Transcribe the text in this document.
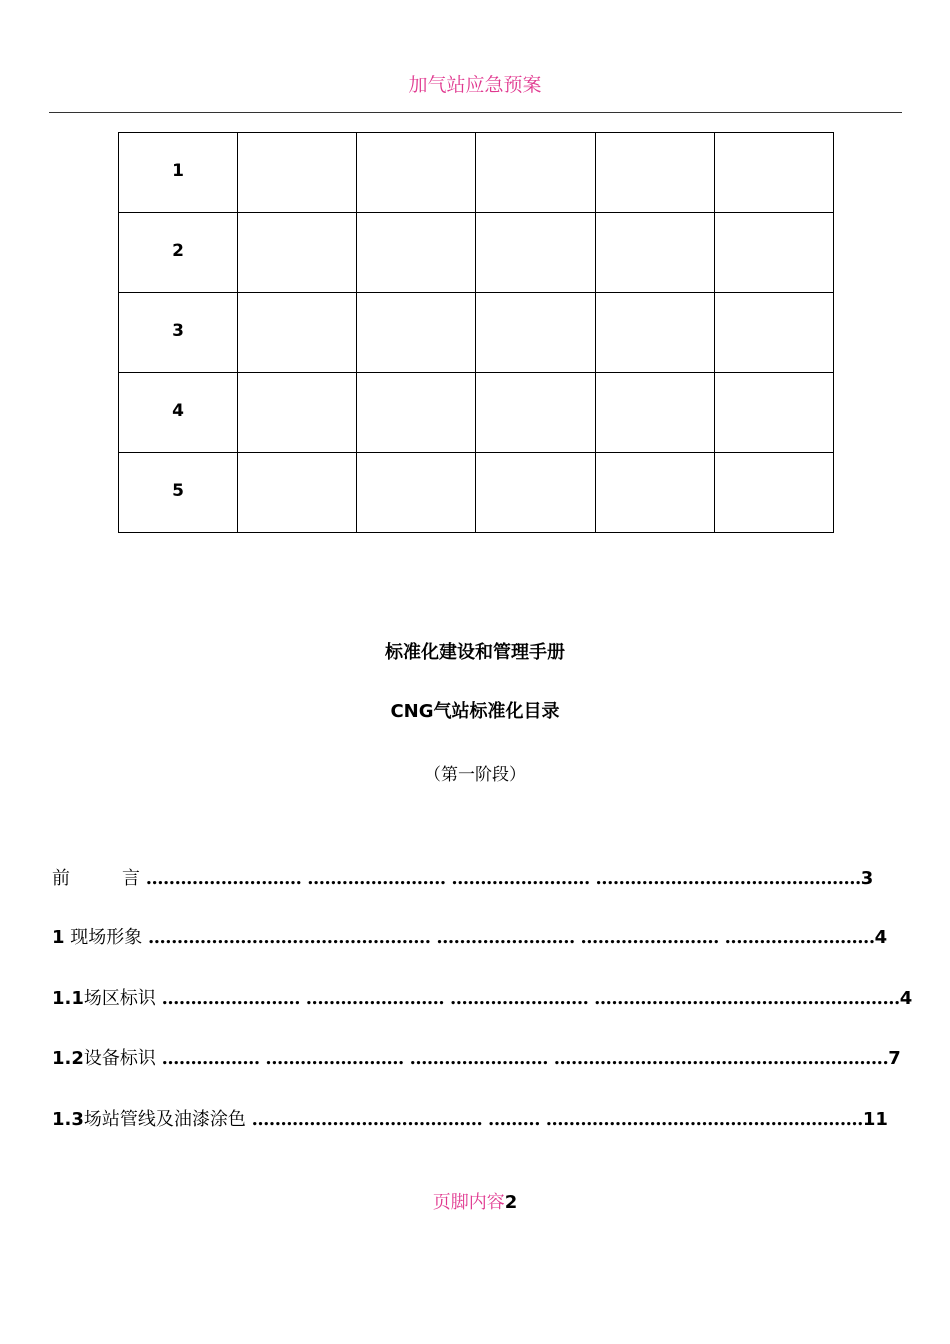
加气站应急预案
1					
2					
3					
4					
5					
标准化建设和管理手册
CNG气站标准化目录
（第一阶段）
前	言 ........................... ........................ ........................ ..............................................3
1 现场形象 ................................................. ........................ ........................ ..........................4
1.1场区标识 ........................ ........................ ........................ .....................................................4
1.2设备标识 ................. ........................ ........................ ..........................................................7
1.3场站管线及油漆涂色 ........................................ ......... .......................................................11
页脚内容2
